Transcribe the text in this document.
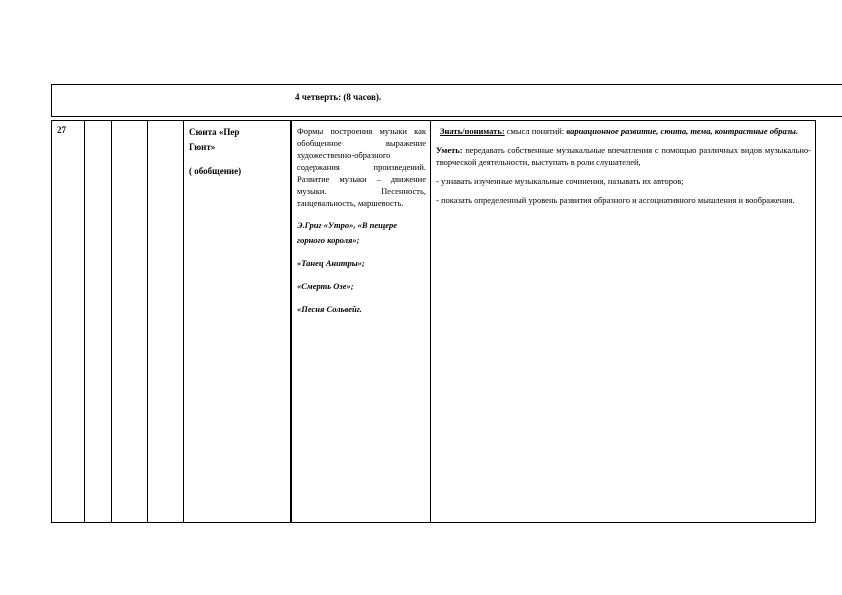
4 четверть: (8 часов).
27	Сюита «Пер
Гюнт»
( обобщение)
Формы построения музыки как обобщенное выражение художественно-образного содержания произведений. Развитие музыки – движение музыки. Песенность, танцевальность, маршевость.
Э.Григ «Утро», «В пещере горного короля»;
«Танец Анитры»;
«Смерть Озе»;
«Песня Сольвейг.

Знать/понимать: смысл понятий: вариационное развитие, сюита, тема, контрастные образы.

Уметь: передавать собственные музыкальные впечатления с помощью различных видов музыкально-творческой деятельности, выступать в роли слушателей,

- узнавать изученные музыкальные сочинения, называть их авторов;

- показать определенный уровень развития образного и ассоциативного мышления и воображения.
